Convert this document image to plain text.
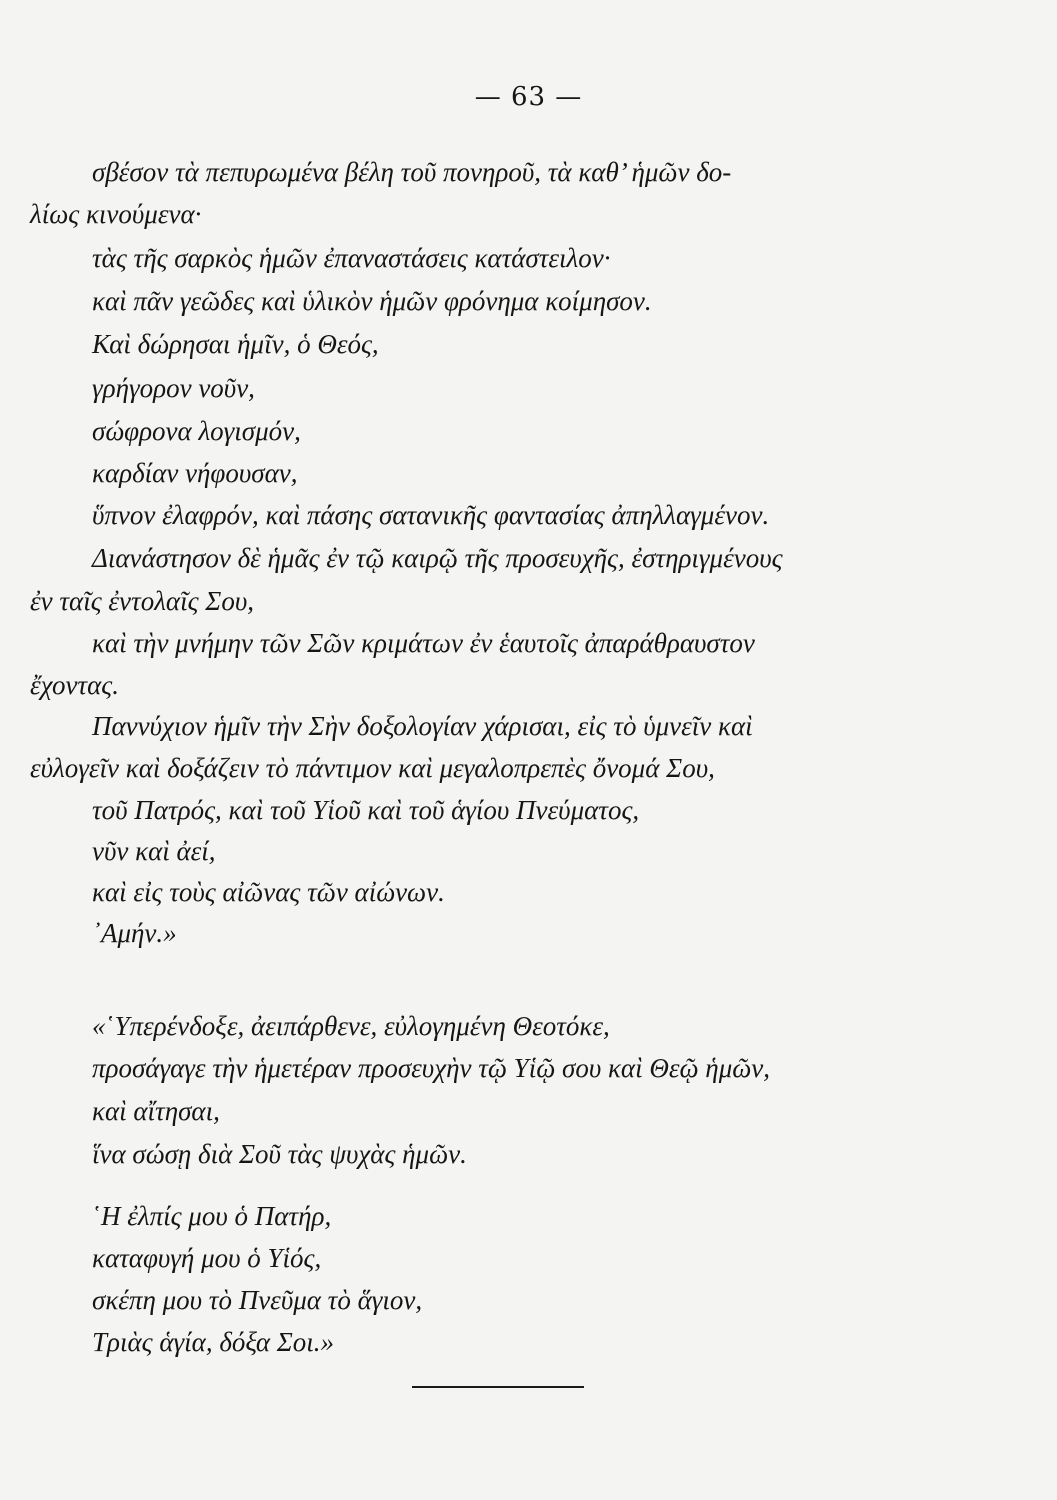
— 63 —
σβέσον τὰ πεπυρωμένα βέλη τοῦ πονηροῦ, τὰ καθ’ ἡμῶν δο-
λίως κινούμενα·
τὰς τῆς σαρκὸς ἡμῶν ἐπαναστάσεις κατάστειλον·
καὶ πᾶν γεῶδες καὶ ὑλικὸν ἡμῶν φρόνημα κοίμησον.
Καὶ δώρησαι ἡμῖν, ὁ Θεός,
γρήγορον νοῦν,
σώφρονα λογισμόν,
καρδίαν νήφουσαν,
ὕπνον ἐλαφρόν, καὶ πάσης σατανικῆς φαντασίας ἀπηλλαγμένον.
Διανάστησον δὲ ἡμᾶς ἐν τῷ καιρῷ τῆς προσευχῆς, ἐστηριγμένους
ἐν ταῖς ἐντολαῖς Σου,
καὶ τὴν μνήμην τῶν Σῶν κριμάτων ἐν ἑαυτοῖς ἀπαράθραυστον
ἔχοντας.
Παννύχιον ἡμῖν τὴν Σὴν δοξολογίαν χάρισαι, εἰς τὸ ὑμνεῖν καὶ
εὐλογεῖν καὶ δοξάζειν τὸ πάντιμον καὶ μεγαλοπρεπὲς ὄνομά Σου,
τοῦ Πατρός, καὶ τοῦ Υἱοῦ καὶ τοῦ ἁγίου Πνεύματος,
νῦν καὶ ἀεί,
καὶ εἰς τοὺς αἰῶνας τῶν αἰώνων.
᾿Αμήν.»
«῾Υπερένδοξε, ἀειπάρθενε, εὐλογημένη Θεοτόκε,
προσάγαγε τὴν ἡμετέραν προσευχὴν τῷ Υἱῷ σου καὶ Θεῷ ἡμῶν,
καὶ αἴτησαι,
ἵνα σώσῃ διὰ Σοῦ τὰς ψυχὰς ἡμῶν.
῾Η ἐλπίς μου ὁ Πατήρ,
καταφυγή μου ὁ Υἱός,
σκέπη μου τὸ Πνεῦμα τὸ ἅγιον,
Τριὰς ἁγία, δόξα Σοι.»
